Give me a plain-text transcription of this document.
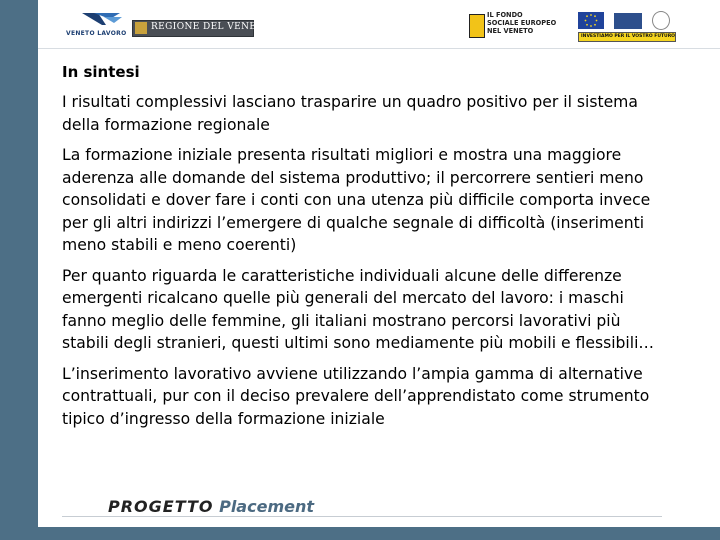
VENETO LAVORO
REGIONE DEL VENETO
IL FONDO
SOCIALE EUROPEO
NEL VENETO
INVESTIAMO PER IL VOSTRO FUTURO
In sintesi

I risultati complessivi lasciano trasparire un quadro positivo per il sistema della formazione regionale

La formazione iniziale presenta risultati migliori e mostra una maggiore aderenza alle domande del sistema produttivo; il percorrere sentieri meno consolidati e dover fare i conti con una utenza più difficile comporta invece per gli altri indirizzi l’emergere di qualche segnale di difficoltà (inserimenti meno stabili e meno coerenti)

Per quanto riguarda le caratteristiche individuali alcune delle differenze emergenti ricalcano quelle più generali del mercato del lavoro: i maschi fanno meglio delle femmine, gli italiani mostrano percorsi lavorativi più stabili degli stranieri, questi ultimi sono mediamente più mobili e flessibili…

L’inserimento lavorativo avviene utilizzando l’ampia gamma di alternative contrattuali, pur con il deciso prevalere dell’apprendistato come strumento tipico d’ingresso della formazione iniziale

PROGETTO Placement
